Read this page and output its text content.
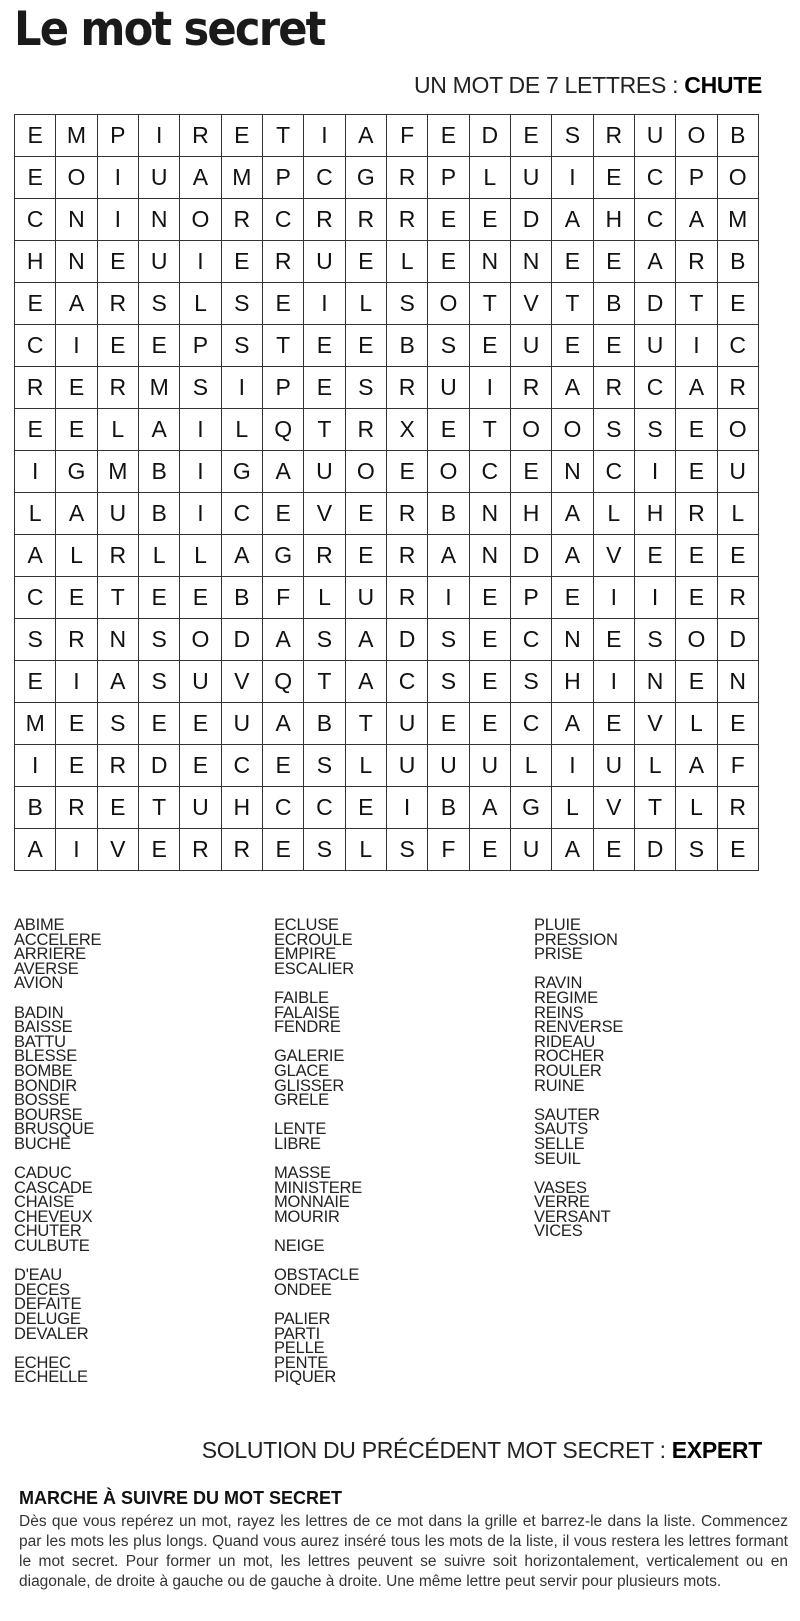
Le mot secret
UN MOT DE 7 LETTRES : CHUTE
E	M	P	I	R	E	T	I	A	F	E	D	E	S	R	U	O	B
E	O	I	U	A	M	P	C	G	R	P	L	U	I	E	C	P	O
C	N	I	N	O	R	C	R	R	R	E	E	D	A	H	C	A	M
H	N	E	U	I	E	R	U	E	L	E	N	N	E	E	A	R	B
E	A	R	S	L	S	E	I	L	S	O	T	V	T	B	D	T	E
C	I	E	E	P	S	T	E	E	B	S	E	U	E	E	U	I	C
R	E	R	M	S	I	P	E	S	R	U	I	R	A	R	C	A	R
E	E	L	A	I	L	Q	T	R	X	E	T	O	O	S	S	E	O
I	G	M	B	I	G	A	U	O	E	O	C	E	N	C	I	E	U
L	A	U	B	I	C	E	V	E	R	B	N	H	A	L	H	R	L
A	L	R	L	L	A	G	R	E	R	A	N	D	A	V	E	E	E
C	E	T	E	E	B	F	L	U	R	I	E	P	E	I	I	E	R
S	R	N	S	O	D	A	S	A	D	S	E	C	N	E	S	O	D
E	I	A	S	U	V	Q	T	A	C	S	E	S	H	I	N	E	N
M	E	S	E	E	U	A	B	T	U	E	E	C	A	E	V	L	E
I	E	R	D	E	C	E	S	L	U	U	U	L	I	U	L	A	F
B	R	E	T	U	H	C	C	E	I	B	A	G	L	V	T	L	R
A	I	V	E	R	R	E	S	L	S	F	E	U	A	E	D	S	E
ABIME
ACCELERE
ARRIERE
AVERSE
AVION
BADIN
BAISSE
BATTU
BLESSE
BOMBE
BONDIR
BOSSE
BOURSE
BRUSQUE
BUCHE
CADUC
CASCADE
CHAISE
CHEVEUX
CHUTER
CULBUTE
D'EAU
DECES
DEFAITE
DELUGE
DEVALER
ECHEC
ECHELLE
ECLUSE
ECROULE
EMPIRE
ESCALIER
FAIBLE
FALAISE
FENDRE
GALERIE
GLACE
GLISSER
GRELE
LENTE
LIBRE
MASSE
MINISTERE
MONNAIE
MOURIR
NEIGE
OBSTACLE
ONDEE
PALIER
PARTI
PELLE
PENTE
PIQUER
PLUIE
PRESSION
PRISE
RAVIN
REGIME
REINS
RENVERSE
RIDEAU
ROCHER
ROULER
RUINE
SAUTER
SAUTS
SELLE
SEUIL
VASES
VERRE
VERSANT
VICES
SOLUTION DU PRÉCÉDENT MOT SECRET : EXPERT
MARCHE À SUIVRE DU MOT SECRET
Dès que vous repérez un mot, rayez les lettres de ce mot dans la grille et barrez-le dans la liste. Commencez par les mots les plus longs. Quand vous aurez inséré tous les mots de la liste, il vous restera les lettres formant le mot secret. Pour former un mot, les lettres peuvent se suivre soit horizontalement, verticalement ou en diagonale, de droite à gauche ou de gauche à droite. Une même lettre peut servir pour plusieurs mots.
